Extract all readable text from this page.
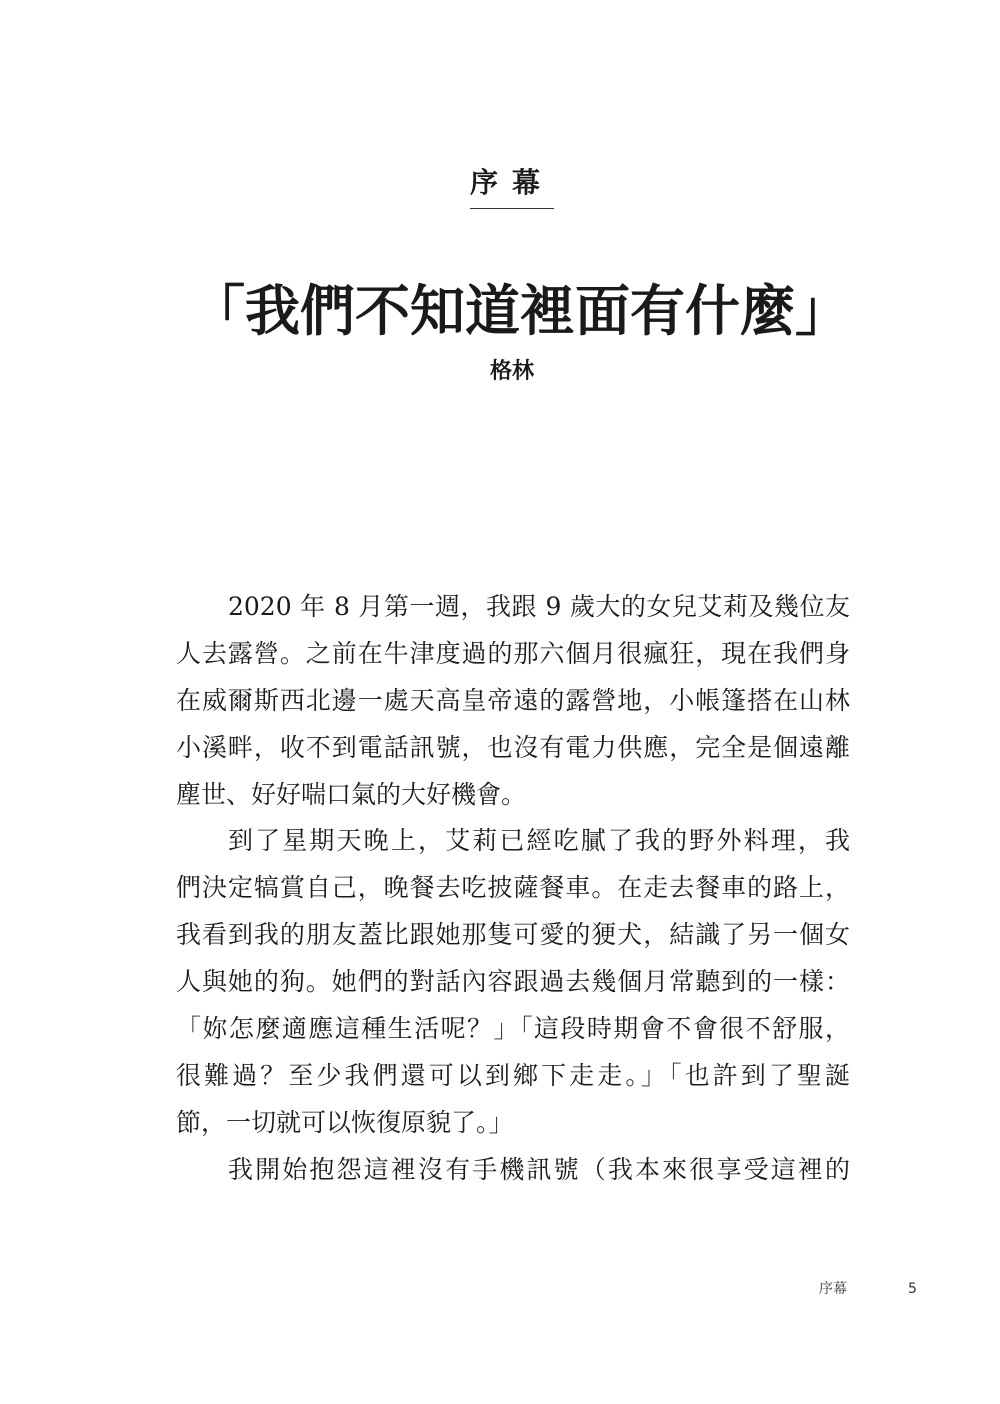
序幕
「我們不知道裡面有什麼」
格林
2020 年 8 月第一週，我跟 9 歲大的女兒艾莉及幾位友
人去露營。之前在牛津度過的那六個月很瘋狂，現在我們身
在威爾斯西北邊一處天高皇帝遠的露營地，小帳篷搭在山林
小溪畔，收不到電話訊號，也沒有電力供應，完全是個遠離
塵世、好好喘口氣的大好機會。
到了星期天晚上，艾莉已經吃膩了我的野外料理，我
們決定犒賞自己，晚餐去吃披薩餐車。在走去餐車的路上，
我看到我的朋友蓋比跟她那隻可愛的㹴犬，結識了另一個女
人與她的狗。她們的對話內容跟過去幾個月常聽到的一樣：
「妳怎麼適應這種生活呢？」「這段時期會不會很不舒服，
很難過？至少我們還可以到鄉下走走。」「也許到了聖誕
節，一切就可以恢復原貌了。」
我開始抱怨這裡沒有手機訊號（我本來很享受這裡的
序幕	5
